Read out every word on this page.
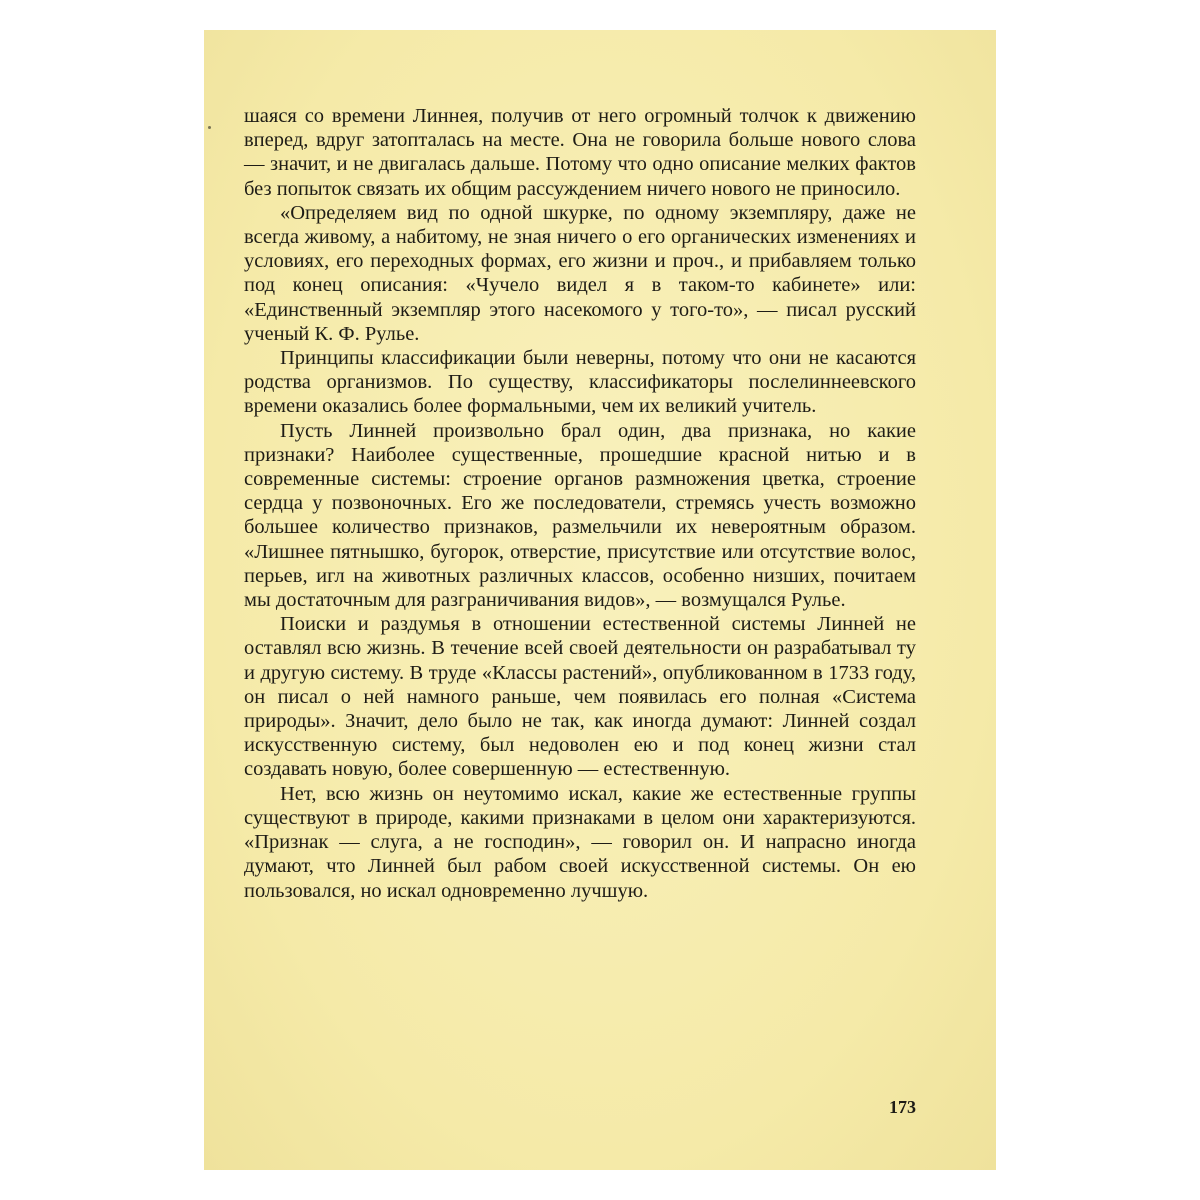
шаяся со времени Линнея, получив от него огромный толчок к движению вперед, вдруг затопталась на месте. Она не говорила больше нового слова — значит, и не двигалась дальше. Потому что одно описание мелких фактов без попыток связать их общим рассуждением ничего нового не приносило.

«Определяем вид по одной шкурке, по одному экземпляру, даже не всегда живому, а набитому, не зная ничего о его органических изменениях и условиях, его переходных формах, его жизни и проч., и прибавляем только под конец описания: «Чучело видел я в таком-то кабинете» или: «Единственный экземпляр этого насекомого у того-то», — писал русский ученый К. Ф. Рулье.

Принципы классификации были неверны, потому что они не касаются родства организмов. По существу, классификаторы послелиннеевского времени оказались более формальными, чем их великий учитель.

Пусть Линней произвольно брал один, два признака, но какие признаки? Наиболее существенные, прошедшие красной нитью и в современные системы: строение органов размножения цветка, строение сердца у позвоночных. Его же последователи, стремясь учесть возможно большее количество признаков, размельчили их невероятным образом. «Лишнее пятнышко, бугорок, отверстие, присутствие или отсутствие волос, перьев, игл на животных различных классов, особенно низших, почитаем мы достаточным для разграничивания видов», — возмущался Рулье.

Поиски и раздумья в отношении естественной системы Линней не оставлял всю жизнь. В течение всей своей деятельности он разрабатывал ту и другую систему. В труде «Классы растений», опубликованном в 1733 году, он писал о ней намного раньше, чем появилась его полная «Система природы». Значит, дело было не так, как иногда думают: Линней создал искусственную систему, был недоволен ею и под конец жизни стал создавать новую, более совершенную — естественную.

Нет, всю жизнь он неутомимо искал, какие же естественные группы существуют в природе, какими признаками в целом они характеризуются. «Признак — слуга, а не господин», — говорил он. И напрасно иногда думают, что Линней был рабом своей искусственной системы. Он ею пользовался, но искал одновременно лучшую.

173
